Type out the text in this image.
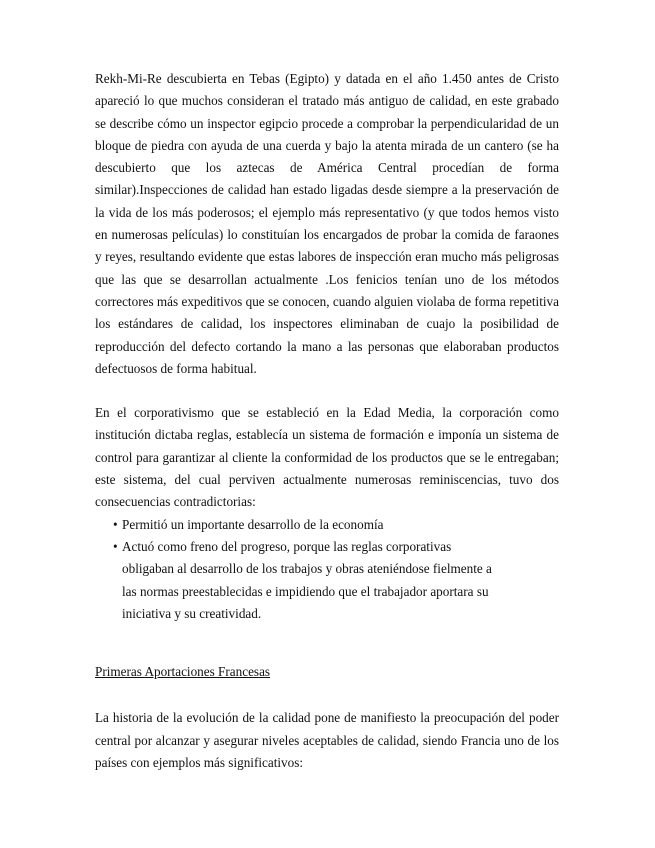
Rekh-Mi-Re descubierta en Tebas (Egipto) y datada en el año 1.450 antes de Cristo apareció lo que muchos consideran el tratado más antiguo de calidad, en este grabado se describe cómo un inspector egipcio procede a comprobar la perpendicularidad de un bloque de piedra con ayuda de una cuerda y bajo la atenta mirada de un cantero (se ha descubierto que los aztecas de América Central procedían de forma similar).Inspecciones de calidad han estado ligadas desde siempre a la preservación de la vida de los más poderosos; el ejemplo más representativo (y que todos hemos visto en numerosas películas) lo constituían los encargados de probar la comida de faraones y reyes, resultando evidente que estas labores de inspección eran mucho más peligrosas que las que se desarrollan actualmente .Los fenicios tenían uno de los métodos correctores más expeditivos que se conocen, cuando alguien violaba de forma repetitiva los estándares de calidad, los inspectores eliminaban de cuajo la posibilidad de reproducción del defecto cortando la mano a las personas que elaboraban productos defectuosos de forma habitual.

En el corporativismo que se estableció en la Edad Media, la corporación como institución dictaba reglas, establecía un sistema de formación e imponía un sistema de control para garantizar al cliente la conformidad de los productos que se le entregaban; este sistema, del cual perviven actualmente numerosas reminiscencias, tuvo dos consecuencias contradictorias:

• Permitió un importante desarrollo de la economía
• Actuó como freno del progreso, porque las reglas corporativas obligaban al desarrollo de los trabajos y obras ateniéndose fielmente a las normas preestablecidas e impidiendo que el trabajador aportara su iniciativa y su creatividad.
Primeras Aportaciones Francesas

La historia de la evolución de la calidad pone de manifiesto la preocupación del poder central por alcanzar y asegurar niveles aceptables de calidad, siendo Francia uno de los países con ejemplos más significativos:
